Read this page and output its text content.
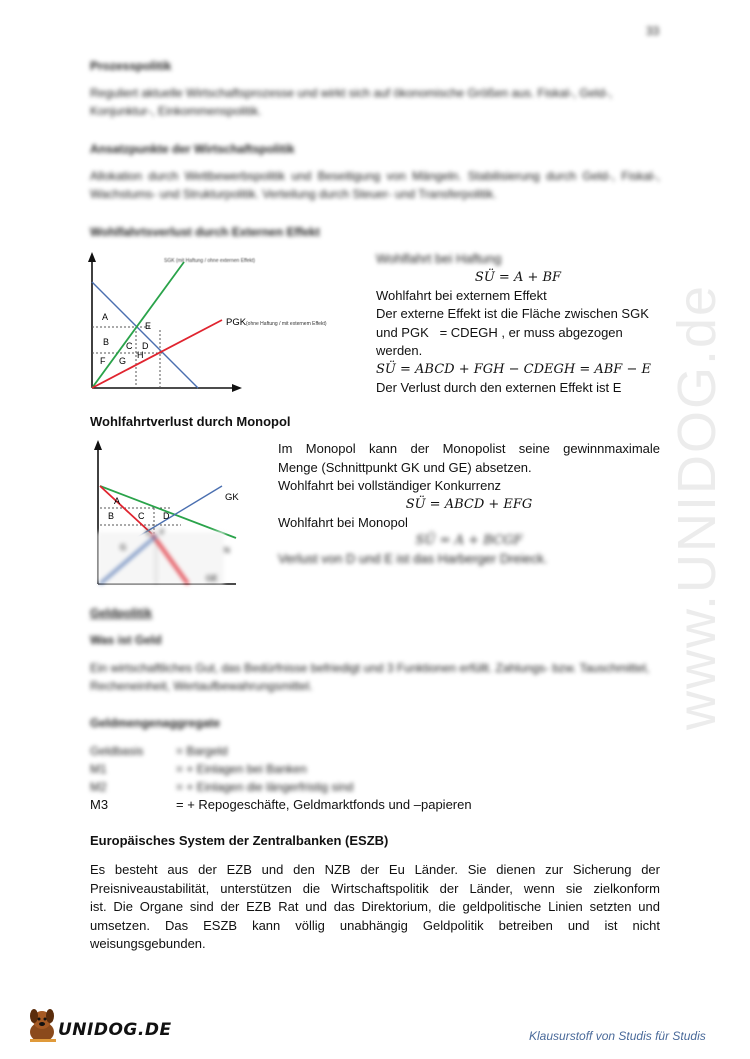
www.UNIDOG.de
33
Prozesspolitik
Reguliert aktuelle Wirtschaftsprozesse und wirkt sich auf ökonomische Größen aus. Fiskal-, Geld-, Konjunktur-, Einkommenspolitik.
Ansatzpunkte der Wirtschaftspolitik
Allokation durch Wettbewerbspolitik und Beseitigung von Mängeln. Stabilisierung durch Geld-, Fiskal-, Wachstums- und Strukturpolitik. Verteilung durch Steuer- und Transferpolitik.
Wohlfahrtsverlust durch Externen Effekt
A
B C D
E
F G
H
PGK (ohne Haftung / mit externem Effekt)
SGK (mit Haftung / ohne externen Effekt)	Wohlfahrt bei Haftung
SÜ = A + BF
Wohlfahrt bei externem Effekt
Der externe Effekt ist die Fläche zwischen SGK
und PGK   = CDEGH , er muss abgezogen
werden.
SÜ = ABCD + FGH − CDEGH = ABF − E
Der Verlust durch den externen Effekt ist E
Wohlfahrtverlust durch Monopol
A
B	C D
GK
G
E F
N
GE
Im Monopol kann der Monopolist seine gewinnmaximale
Menge (Schnittpunkt GK und GE) absetzen.
Wohlfahrt bei vollständiger Konkurrenz
SÜ = ABCD + EFG
Wohlfahrt bei Monopol
SÜ = A + BCGF
Verlust von D und E ist das Harberger Dreieck.
Geldpolitik
Was ist Geld
Ein wirtschaftliches Gut, das Bedürfnisse befriedigt und 3 Funktionen erfüllt. Zahlungs- bzw. Tauschmittel, Recheneinheit, Wertaufbewahrungsmittel.
Geldmengenaggregate
Geldbasis	= Bargeld
M1	= + Einlagen bei Banken
M2	= + Einlagen die längerfristig sind
M3	= + Repogeschäfte, Geldmarktfonds und –papieren
Europäisches System der Zentralbanken (ESZB)
Es besteht aus der EZB und den NZB der Eu Länder. Sie dienen zur Sicherung der
Preisniveaustabilität, unterstützen die Wirtschaftspolitik der Länder, wenn sie zielkonform
ist. Die Organe sind der EZB Rat und das Direktorium, die geldpolitische Linien setzten und
umsetzen. Das ESZB kann völlig unabhängig Geldpolitik betreiben und ist nicht
weisungsgebunden.
UNIDOG.DE	Klausurstoff von Studis für Studis
